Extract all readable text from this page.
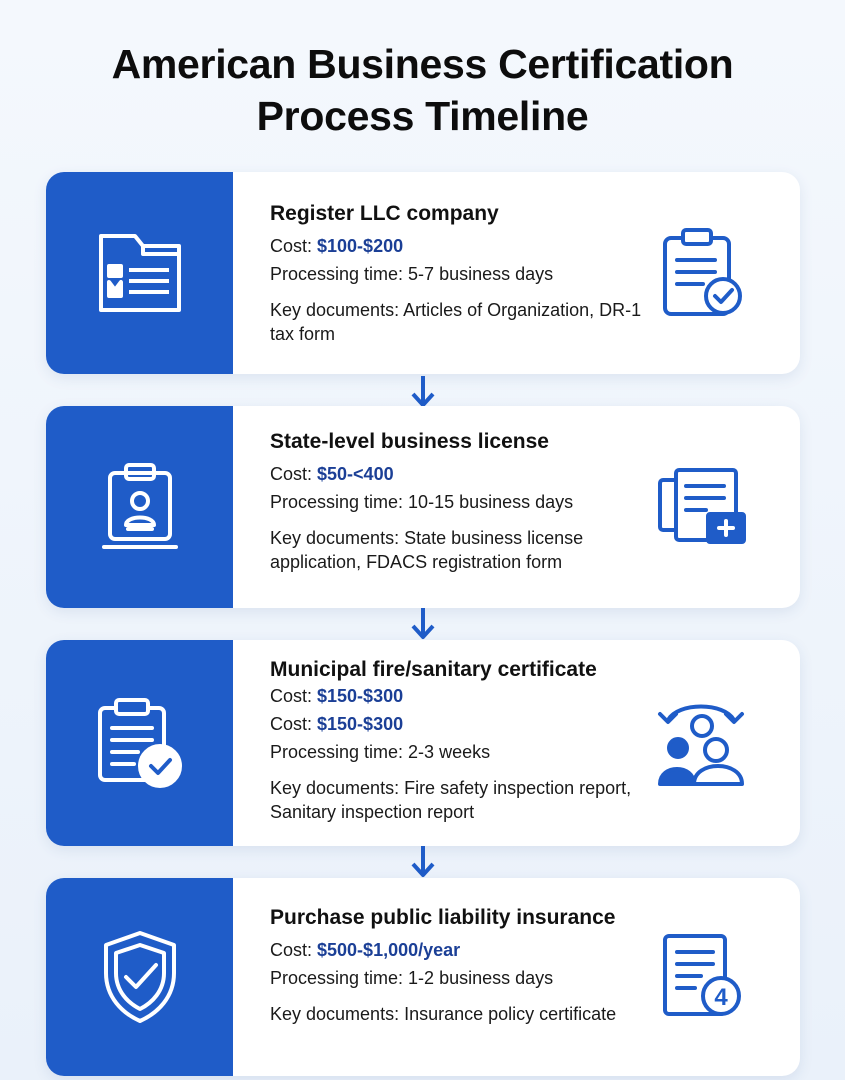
American Business Certification
Process Timeline
Register LLC company
Cost: $100-$200
Processing time: 5-7 business days
Key documents: Articles of Organization, DR-1 tax form
State-level business license
Cost: $50-<400
Processing time: 10-15 business days
Key documents: State business license application, FDACS registration form
Municipal fire/sanitary certificate
Cost: $150-$300
Cost: $150-$300
Processing time: 2-3 weeks
Key documents: Fire safety inspection report, Sanitary inspection report
Purchase public liability insurance
Cost: $500-$1,000/year
Processing time: 1-2 business days
Key documents: Insurance policy certificate
4
